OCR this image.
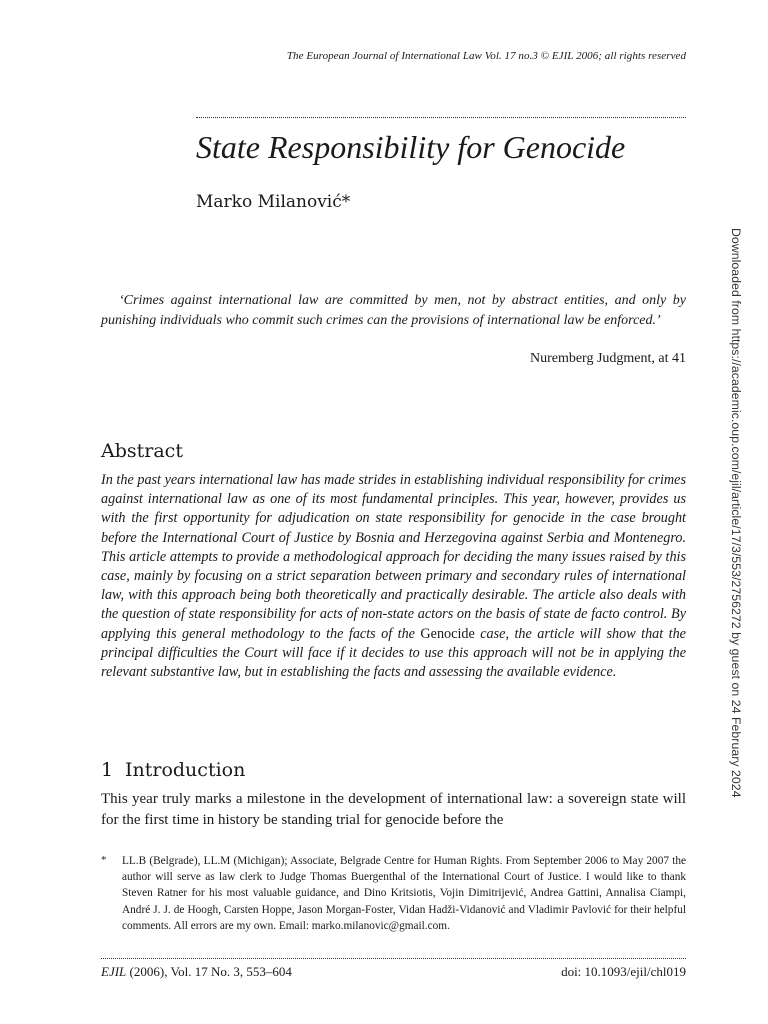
The European Journal of International Law Vol. 17 no.3 © EJIL 2006; all rights reserved
State Responsibility for Genocide
Marko Milanović*
‘Crimes against international law are committed by men, not by abstract entities, and only by punishing individuals who commit such crimes can the provisions of international law be enforced.’
Nuremberg Judgment, at 41
Abstract
In the past years international law has made strides in establishing individual responsibility for crimes against international law as one of its most fundamental principles. This year, however, provides us with the first opportunity for adjudication on state responsibility for genocide in the case brought before the International Court of Justice by Bosnia and Herzegovina against Serbia and Montenegro. This article attempts to provide a methodological approach for deciding the many issues raised by this case, mainly by focusing on a strict separation between primary and secondary rules of international law, with this approach being both theoretically and practically desirable. The article also deals with the question of state responsibility for acts of non-state actors on the basis of state de facto control. By applying this general methodology to the facts of the Genocide case, the article will show that the principal difficulties the Court will face if it decides to use this approach will not be in applying the relevant substantive law, but in establishing the facts and assessing the available evidence.
1 Introduction
This year truly marks a milestone in the development of international law: a sovereign state will for the first time in history be standing trial for genocide before the
* LL.B (Belgrade), LL.M (Michigan); Associate, Belgrade Centre for Human Rights. From September 2006 to May 2007 the author will serve as law clerk to Judge Thomas Buergenthal of the International Court of Justice. I would like to thank Steven Ratner for his most valuable guidance, and Dino Kritsiotis, Vojin Dimitrijević, Andrea Gattini, Annalisa Ciampi, André J. J. de Hoogh, Carsten Hoppe, Jason Morgan-Foster, Vidan Hadži-Vidanović and Vladimir Pavlović for their helpful comments. All errors are my own. Email: marko.milanovic@gmail.com.
EJIL (2006), Vol. 17 No. 3, 553–604	doi: 10.1093/ejil/chl019
Downloaded from https://academic.oup.com/ejil/article/17/3/553/2756272 by guest on 24 February 2024
